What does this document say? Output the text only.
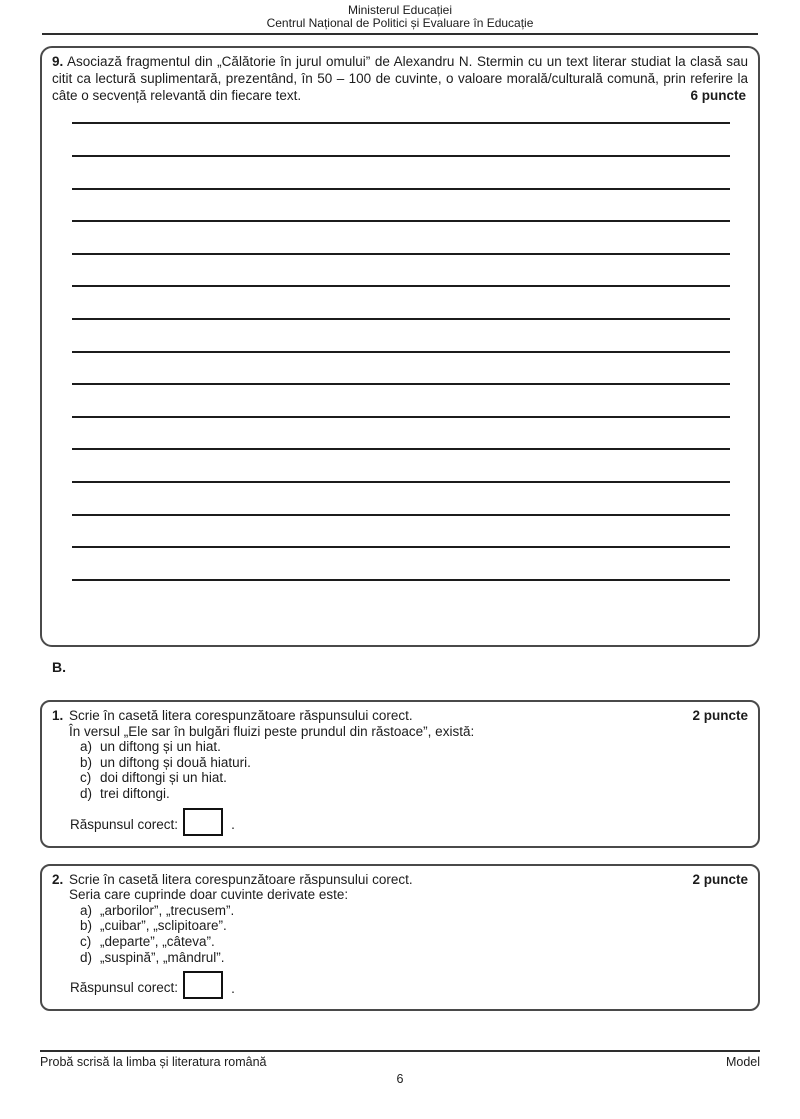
Ministerul Educației
Centrul Național de Politici și Evaluare în Educație

9. Asociază fragmentul din „Călătorie în jurul omului” de Alexandru N. Stermin cu un text literar studiat la clasă sau citit ca lectură suplimentară, prezentând, în 50 – 100 de cuvinte, o valoare morală/culturală comună, prin referire la câte o secvență relevantă din fiecare text.	6 puncte

B.
1. Scrie în casetă litera corespunzătoare răspunsului corect.	2 puncte
În versul „Ele sar în bulgări fluizi peste prundul din răstoace”, există:
a) un diftong și un hiat.
b) un diftong și două hiaturi.
c) doi diftongi și un hiat.
d) trei diftongi.
Răspunsul corect:	.
2. Scrie în casetă litera corespunzătoare răspunsului corect.	2 puncte
Seria care cuprinde doar cuvinte derivate este:
a) „arborilor”, „trecusem”.
b) „cuibar”, „sclipitoare”.
c) „departe”, „câteva”.
d) „suspină”, „mândrul”.
Răspunsul corect:	.
Probă scrisă la limba și literatura română	Model
6
